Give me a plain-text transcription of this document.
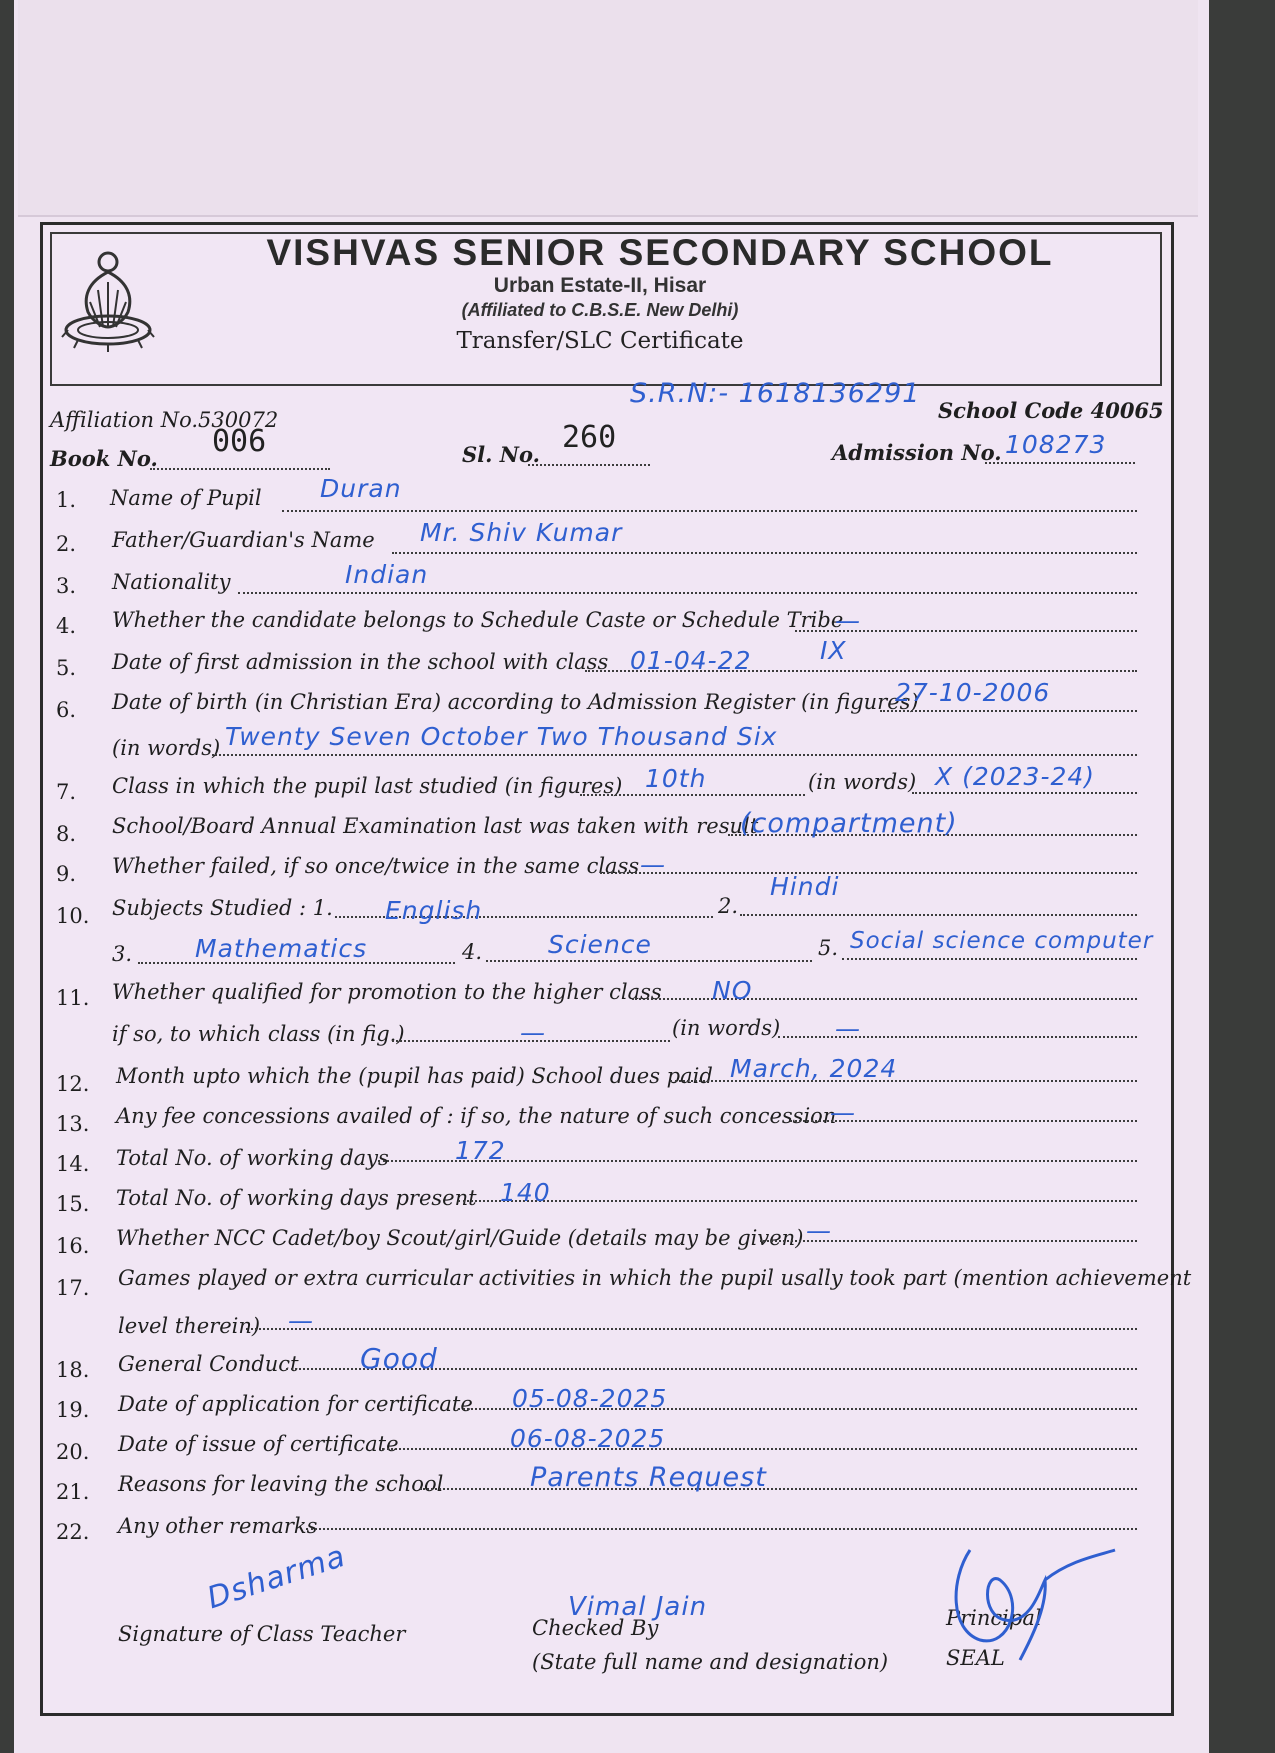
VISHVAS SENIOR SECONDARY SCHOOL
Urban Estate-II, Hisar
(Affiliated to C.B.S.E. New Delhi)
Transfer/SLC Certificate
Affiliation No.530072
S.R.N:- 1618136291
School Code 40065
Book No. 006	Sl. No. 260	Admission No. 108273
1. Name of Pupil Duran
2. Father/Guardian's Name Mr. Shiv Kumar
3. Nationality	Indian
4. Whether the candidate belongs to Schedule Caste or Schedule Tribe
—
5. Date of first admission in the school with class 01-04-22	IX
6. Date of birth (in Christian Era) according to Admission Register (in figures)
27-10-2006
(in words) Twenty Seven October Two Thousand Six
7. Class in which the pupil last studied (in figures) 10th	(in words) X (2023-24)
8. School/Board Annual Examination last was taken with result
(compartment)
9. Whether failed, if so once/twice in the same class —
10. Subjects Studied : 1. English	2.
Hindi
3.	Mathematics	4.	Science	5. Social science computer
11. Whether qualified for promotion to the higher class NO
if so, to which class (in fig.)	—	(in words) —
12. Month upto which the (pupil has paid) School dues paid March, 2024
13. Any fee concessions availed of : if so, the nature of such concession
—
14. Total No. of working days	172
15. Total No. of working days present 140
16. Whether NCC Cadet/boy Scout/girl/Guide (details may be given) —
17. Games played or extra curricular activities in which the pupil usally took part (mention achievement
level therein) —
18. General Conduct Good
19. Date of application for certificate 05-08-2025
20. Date of issue of certificate	06-08-2025
21. Reasons for leaving the school	Parents Request
22. Any other remarks
Dsharma
Signature of Class Teacher
Vimal Jain
Checked By
(State full name and designation)
Principal
SEAL
